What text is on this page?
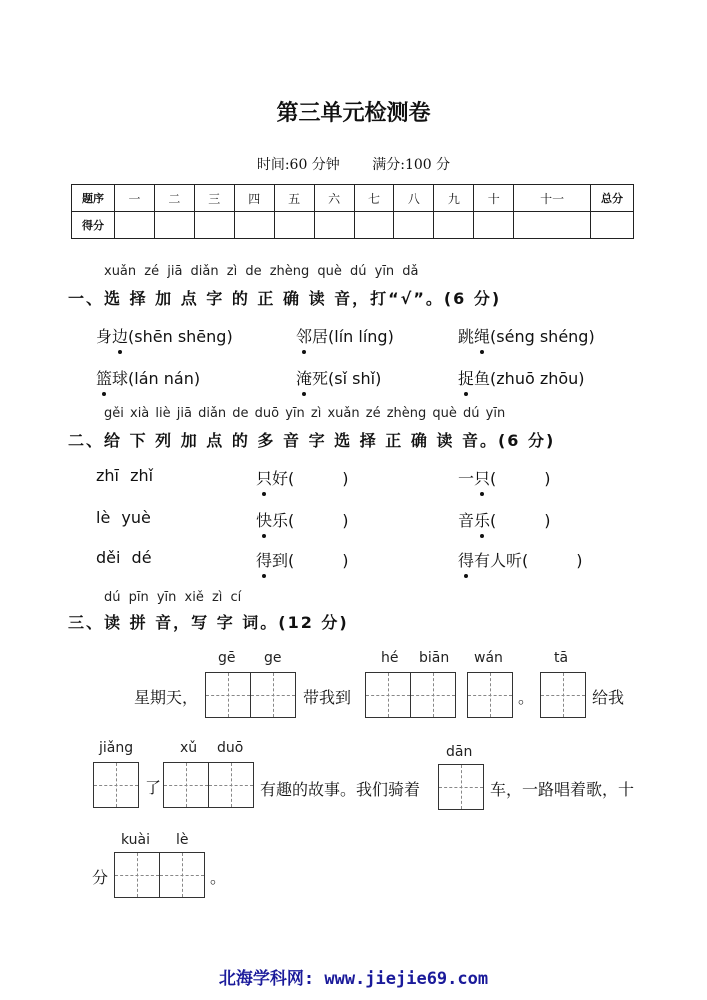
第三单元检测卷
时间:60 分钟 满分:100 分
题序	一	二	三	四	五	六	七	八	九	十	十一	总分
得分												
xuǎn zé jiā diǎn zì de zhèng què dú yīn dǎ
一、选 择 加 点 字 的 正 确 读 音，打“√”。(6 分)
身边(shēn shēng)	邻居(lín líng)	跳绳(séng shéng)
篮球(lán nán)	淹死(sǐ shǐ)	捉鱼(zhuō zhōu)
gěi xià liè jiā diǎn de duō yīn zì xuǎn zé zhèng què dú yīn
二、给 下 列 加 点 的 多 音 字 选 择 正 确 读 音。(6 分)
zhī zhǐ	只好(　　　)	一只(　　　)
lè yuè	快乐(　　　)	音乐(　　　)
děi dé	得到(　　　)	得有人听(　　　)
dú pīn yīn xiě zì cí
三、读 拼 音，写 字 词。(12 分)
gē ge	hé biān wán	tā
星期天，	带我到	。	给我
jiǎng	xǔ duō	dān
了	有趣的故事。我们骑着	车，一路唱着歌，十
kuài lè
分	。
北海学科网: www.jiejie69.com
